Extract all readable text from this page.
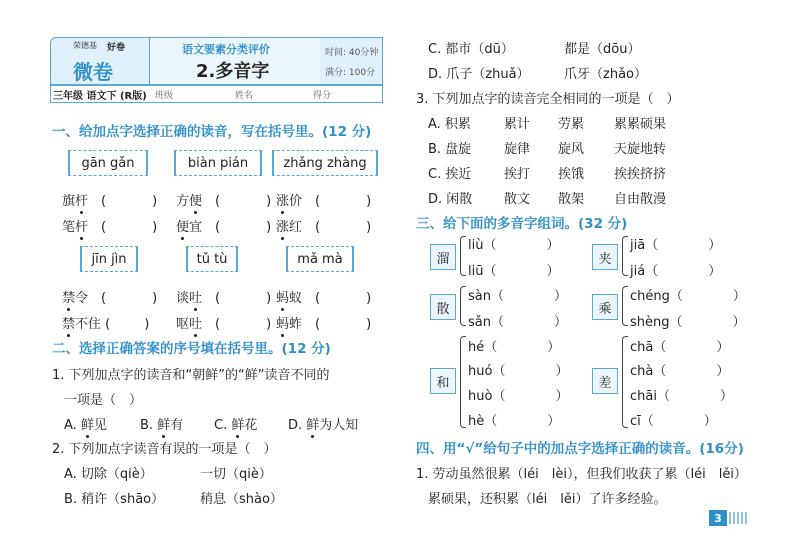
荣德基 好卷
微卷
语文要素分类评价
2.多音字
时间: 40分钟
满分: 100分
三年级 语文下 (R版) 班级	姓名	得分
一、给加点字选择正确的读音，写在括号里。(12 分)
gān gǎn	biàn pián	zhǎng zhàng
旗杆　 (	) 方便　 (	) 涨价　 (	)
笔杆　 (	) 便宜　 (	) 涨红　 (	)
jīn jìn	tǔ tù	mǎ mà
禁令　 (	) 谈吐　 (	) 蚂蚁　 (	)
禁不住 (	) 呕吐　 (	) 蚂蚱　 (	)
二、选择正确答案的序号填在括号里。(12 分)
1. 下列加点字的读音和“朝鲜”的“鲜”读音不同的
一项是（　）
A. 鲜见	B. 鲜有 C. 鲜花 D. 鲜为人知
2. 下列加点字读音有误的一项是（　）
A. 切除（qiè）	一切（qiè）
B. 稍许（shāo）	稍息（shào）
C. 都市（dū）	都是（dōu）
D. 爪子（zhuǎ）	爪牙（zhǎo）
3. 下列加点字的读音完全相同的一项是（　）
A. 积累	累计 劳累 累累硕果
B. 盘旋	旋律 旋风 天旋地转
C. 挨近	挨打 挨饿 挨挨挤挤
D. 闲散 散文 散架 自由散漫
三、给下面的多音字组词。(32 分)
溜
liù（	）
liū（	）
夹
jiā（	）
jiá（	）
散
sàn（	）
sǎn（	）
乘
chéng（	）
shèng（	）
和
hé（	）
huó（	）
huò（	）
hè（	）
差
chā（	）
chà（	）
chāi（	）
cī（	）
四、用“√”给句子中的加点字选择正确的读音。(16分)
1. 劳动虽然很累（léi　lèi），但我们收获了累（léi　lěi）
累硕果，还积累（léi　lěi）了许多经验。
3
